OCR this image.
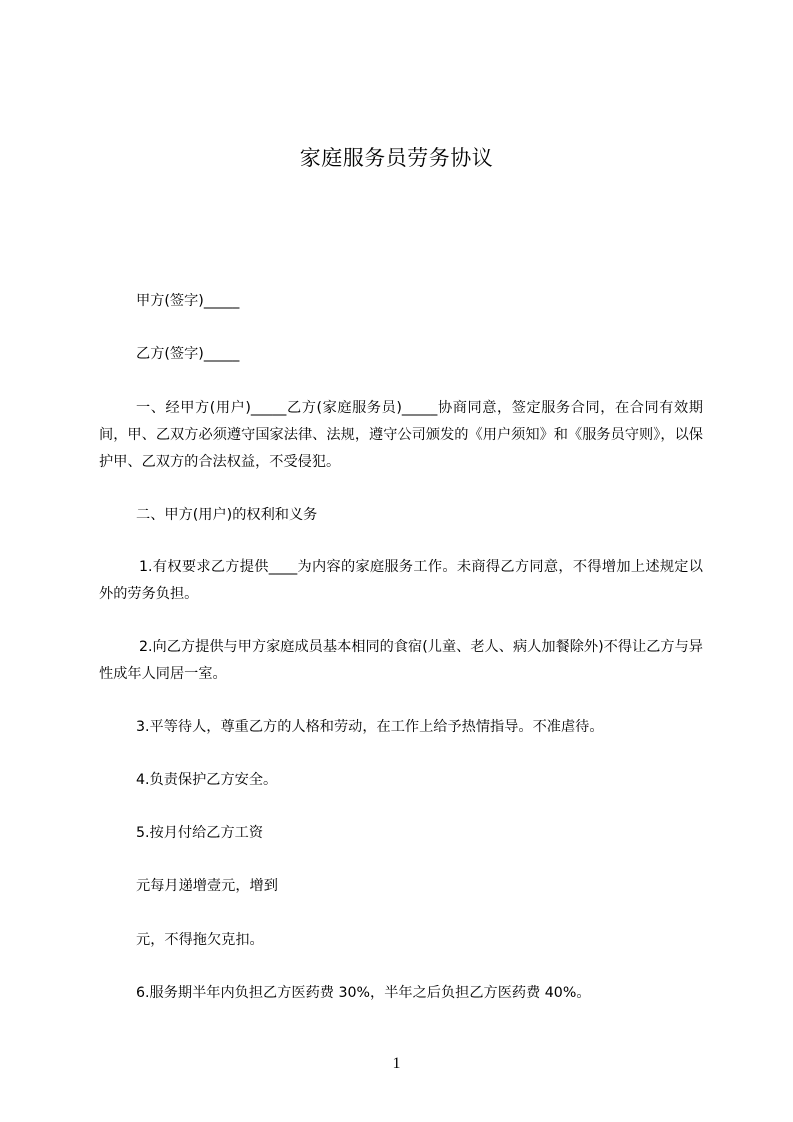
家庭服务员劳务协议
甲方(签字)_____
乙方(签字)_____
一、经甲方(用户)_____乙方(家庭服务员)_____协商同意，签定服务合同，在合同有效期间，甲、乙双方必须遵守国家法律、法规，遵守公司颁发的《用户须知》和《服务员守则》，以保护甲、乙双方的合法权益，不受侵犯。
二、甲方(用户)的权利和义务
1.有权要求乙方提供____为内容的家庭服务工作。未商得乙方同意，不得增加上述规定以外的劳务负担。
2.向乙方提供与甲方家庭成员基本相同的食宿(儿童、老人、病人加餐除外)不得让乙方与异性成年人同居一室。
3.平等待人，尊重乙方的人格和劳动，在工作上给予热情指导。不准虐待。
4.负责保护乙方安全。
5.按月付给乙方工资
元每月递增壹元，增到
元，不得拖欠克扣。
6.服务期半年内负担乙方医药费 30%，半年之后负担乙方医药费 40%。
1
